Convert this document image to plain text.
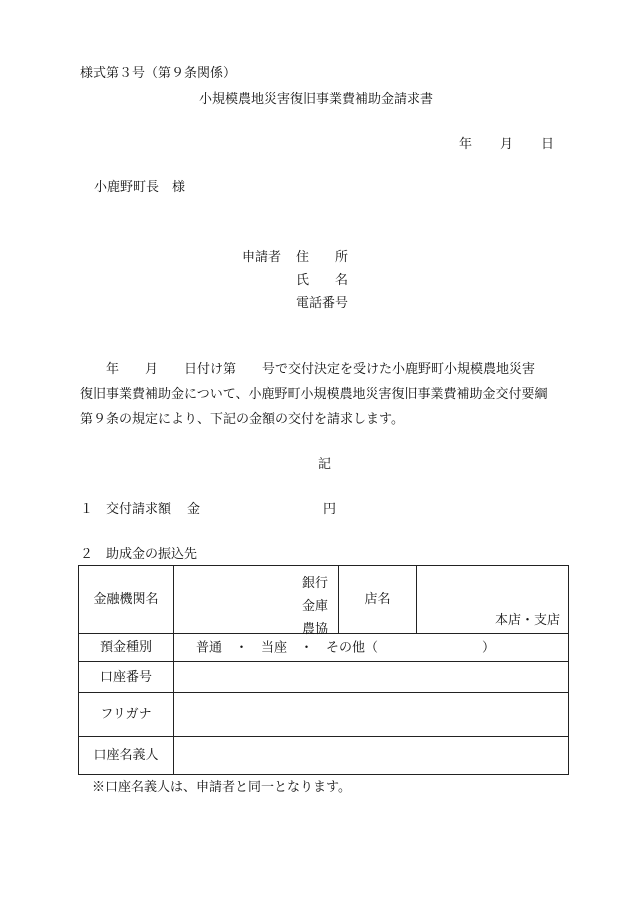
様式第３号（第９条関係）
小規模農地災害復旧事業費補助金請求書
年 月 日
小鹿野町長　様
申請者 住　　所
氏　　名
電話番号
　　年　　月　　日付け第　　号で交付決定を受けた小鹿野町小規模農地災害
復旧事業費補助金について、小鹿野町小規模農地災害復旧事業費補助金交付要綱
第９条の規定により、下記の金額の交付を請求します。
記
１ 交付請求額 金	円
２ 助成金の振込先
金融機関名	銀行
金庫
農協	店名	本店・支店

預金種別	普通　・　当座　・　その他（　　　　　　　　）		

口座番号			
フリガナ			
口座名義人			
※口座名義人は、申請者と同一となります。
